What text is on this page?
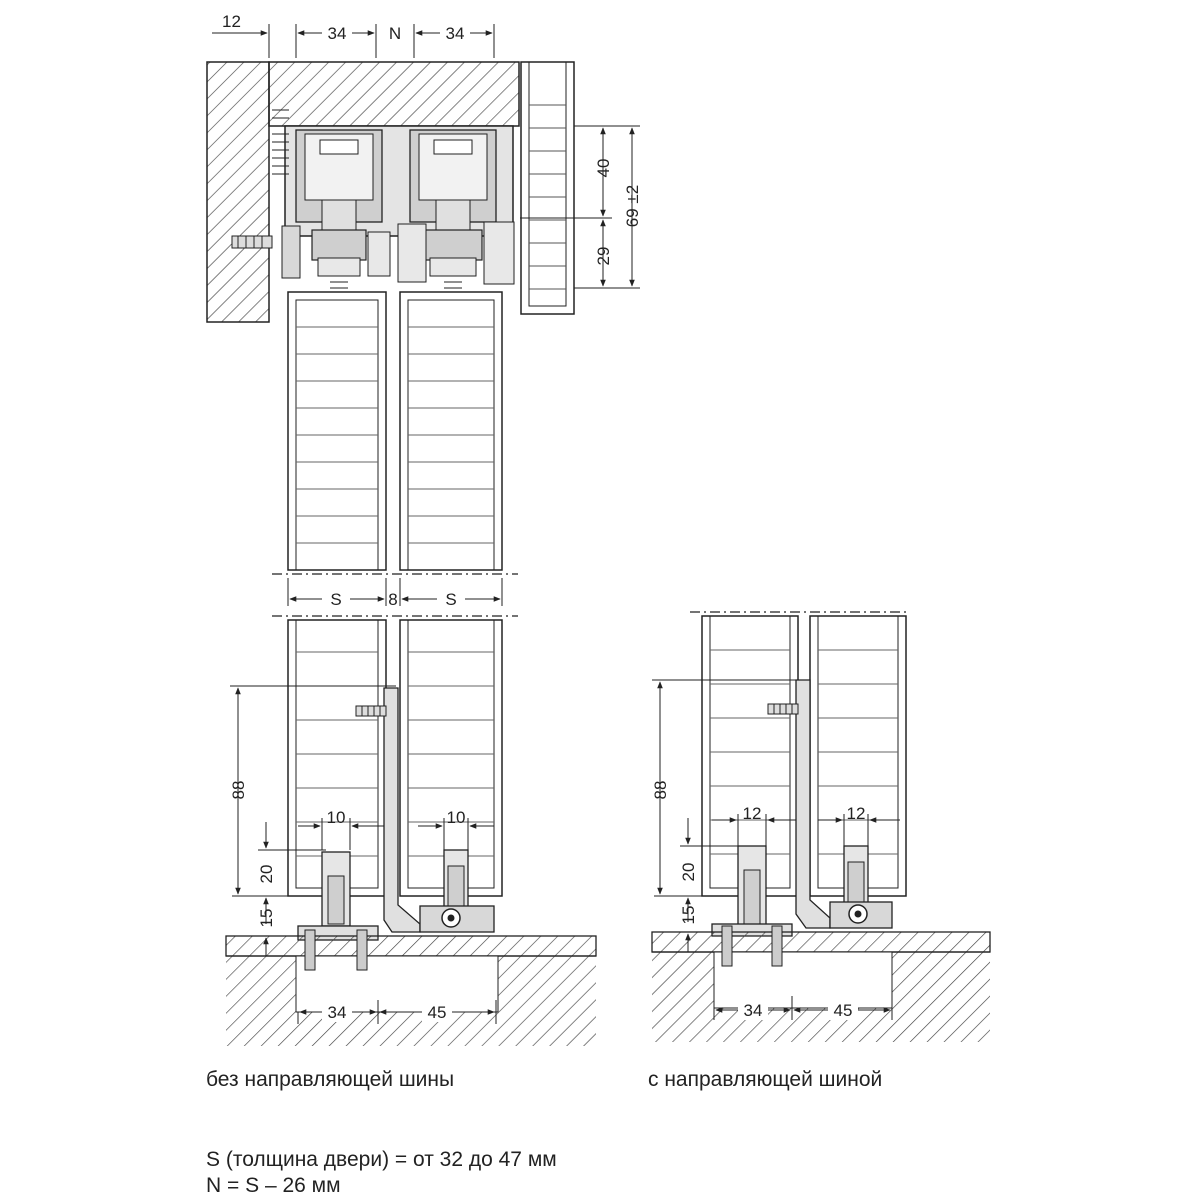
12
34 N	34
40
29
69 ±2
S	8	S
88
20
15
10	10
34	45
88
20
15
12	12
34	45
без направляющей шины	с направляющей шиной
S (толщина двери) = от 32 до 47 мм
N = S – 26 мм
